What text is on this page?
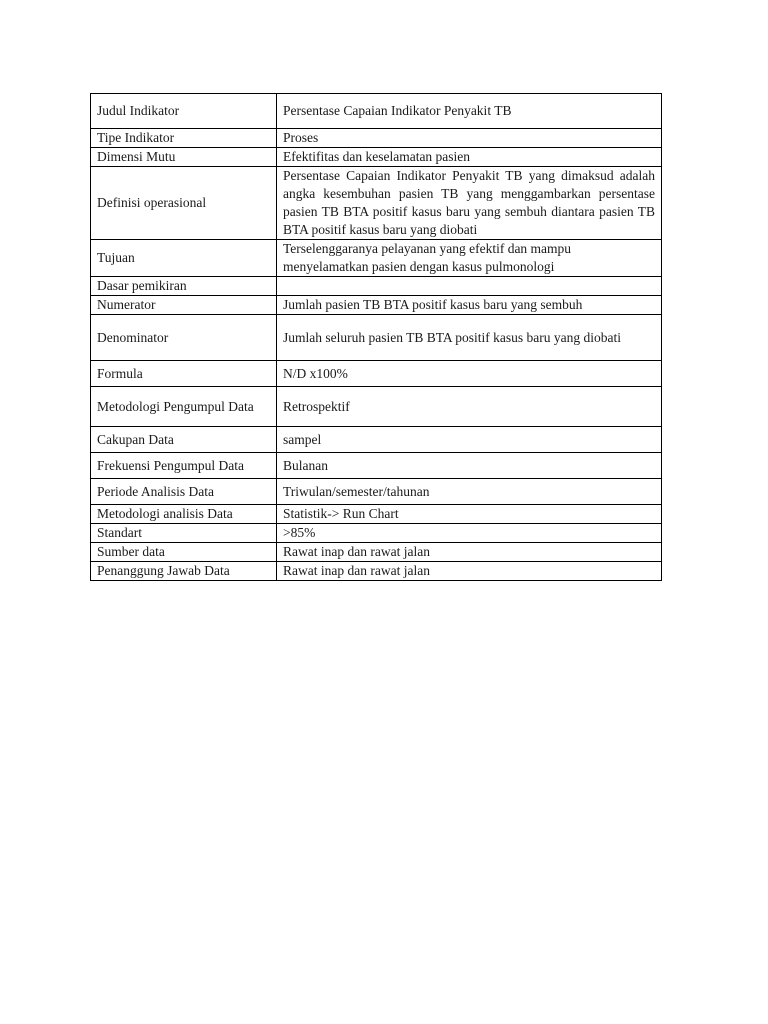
Judul Indikator	Persentase Capaian Indikator Penyakit TB
Tipe Indikator	Proses
Dimensi Mutu	Efektifitas dan keselamatan pasien
Definisi operasional	Persentase Capaian Indikator Penyakit TB yang dimaksud adalah angka kesembuhan pasien TB yang menggambarkan persentase pasien TB BTA positif kasus baru yang sembuh diantara pasien TB BTA positif kasus baru yang diobati
Tujuan	Terselenggaranya pelayanan yang efektif dan mampu menyelamatkan pasien dengan kasus pulmonologi
Dasar pemikiran	
Numerator	Jumlah pasien TB BTA positif kasus baru yang sembuh
Denominator	Jumlah seluruh pasien TB BTA positif kasus baru yang diobati
Formula	N/D x100%
Metodologi Pengumpul Data	Retrospektif
Cakupan Data	sampel
Frekuensi Pengumpul Data	Bulanan
Periode Analisis Data	Triwulan/semester/tahunan
Metodologi analisis Data	Statistik-> Run Chart
Standart	>85%
Sumber data	Rawat inap dan rawat jalan
Penanggung Jawab Data	Rawat inap dan rawat jalan
